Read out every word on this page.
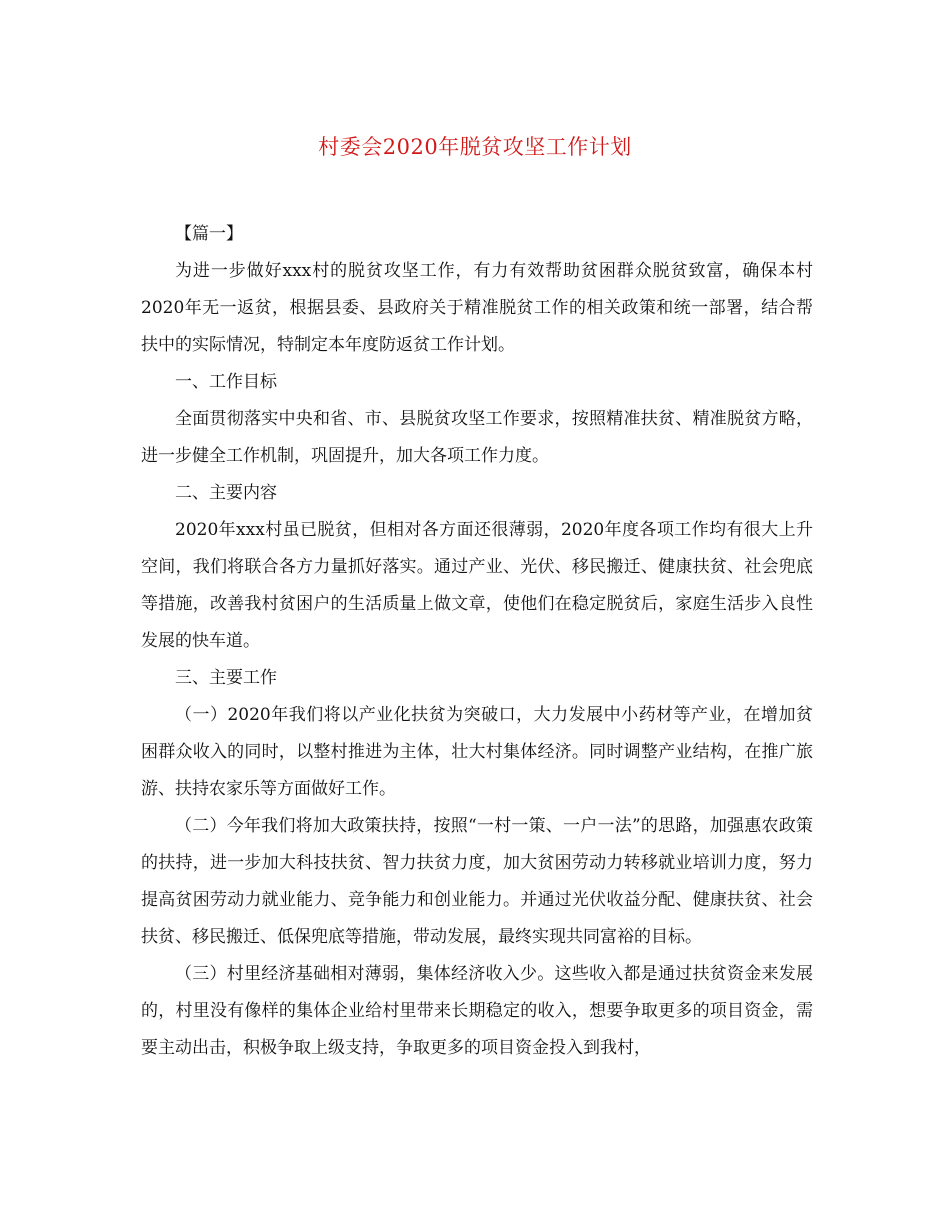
村委会2020年脱贫攻坚工作计划

【篇一】

为进一步做好xxx村的脱贫攻坚工作，有力有效帮助贫困群众脱贫致富，确保本村2020年无一返贫，根据县委、县政府关于精准脱贫工作的相关政策和统一部署，结合帮扶中的实际情况，特制定本年度防返贫工作计划。

一、工作目标

全面贯彻落实中央和省、市、县脱贫攻坚工作要求，按照精准扶贫、精准脱贫方略，进一步健全工作机制，巩固提升，加大各项工作力度。

二、主要内容

2020年xxx村虽已脱贫，但相对各方面还很薄弱，2020年度各项工作均有很大上升空间，我们将联合各方力量抓好落实。通过产业、光伏、移民搬迁、健康扶贫、社会兜底等措施，改善我村贫困户的生活质量上做文章，使他们在稳定脱贫后，家庭生活步入良性发展的快车道。

三、主要工作

（一）2020年我们将以产业化扶贫为突破口，大力发展中小药材等产业，在增加贫困群众收入的同时，以整村推进为主体，壮大村集体经济。同时调整产业结构，在推广旅游、扶持农家乐等方面做好工作。

（二）今年我们将加大政策扶持，按照“一村一策、一户一法”的思路，加强惠农政策的扶持，进一步加大科技扶贫、智力扶贫力度，加大贫困劳动力转移就业培训力度，努力提高贫困劳动力就业能力、竞争能力和创业能力。并通过光伏收益分配、健康扶贫、社会扶贫、移民搬迁、低保兜底等措施，带动发展，最终实现共同富裕的目标。

（三）村里经济基础相对薄弱，集体经济收入少。这些收入都是通过扶贫资金来发展的，村里没有像样的集体企业给村里带来长期稳定的收入，想要争取更多的项目资金，需要主动出击，积极争取上级支持，争取更多的项目资金投入到我村，
